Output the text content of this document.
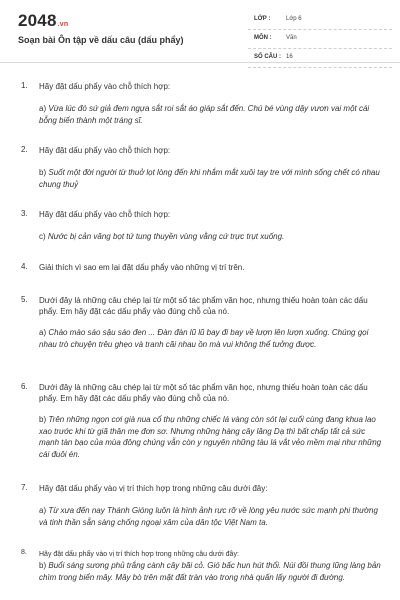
2048.vn
Soạn bài Ôn tập về dấu câu (dấu phẩy)
LỚP :	Lớp 6
MÔN : Văn
SỐ CÂU : 16
1. Hãy đặt dấu phẩy vào chỗ thích hợp:
a) Vừa lúc đó sứ giả đem ngựa sắt roi sắt áo giáp sắt đến. Chú bé vùng dậy vươn vai một cái bỗng biến thành một tráng sĩ.
2. Hãy đặt dấu phẩy vào chỗ thích hợp:
b) Suốt một đời người từ thuở lọt lòng đến khi nhắm mắt xuôi tay tre với mình sống chết có nhau chung thuỷ
3. Hãy đặt dấu phẩy vào chỗ thích hợp:
c) Nước bị cản văng bọt tứ tung thuyền vùng vằng cứ trực trụt xuống.
4. Giải thích vì sao em lại đặt dấu phẩy vào những vị trí trên.
5. Dưới đây là những câu chép lại từ một số tác phẩm văn học, nhưng thiếu hoàn toàn các dấu phẩy. Em hãy đặt các dấu phẩy vào đúng chỗ của nó.
a) Chào mào sáo sậu sáo đen ... Đàn đàn lũ lũ bay đi bay về lượn lên lượn xuống. Chúng gọi nhau trò chuyện trêu ghẹo và tranh cãi nhau ồn mà vui không thể tưởng được.
6. Dưới đây là những câu chép lại từ một số tác phẩm văn học, nhưng thiếu hoàn toàn các dấu phẩy. Em hãy đặt các dấu phẩy vào đúng chỗ của nó.
b) Trên những ngọn cơi già nua cổ thụ những chiếc lá vàng còn sót lại cuối cùng đang khua lao xao trước khi từ giã thân mẹ đơn sơ. Nhưng những hàng cây lăng Dạ thì bất chấp tất cả sức mạnh tàn bạo của mùa đông chúng vẫn còn y nguyên những tàu lá vắt vẻo mềm mại như những cái đuôi én.
7. Hãy đặt dấu phẩy vào vị trí thích hợp trong những câu dưới đây:
a) Từ xưa đến nay Thánh Gióng luôn là hình ảnh rực rỡ về lòng yêu nước sức mạnh phi thường và tinh thần sẵn sàng chống ngoại xâm của dân tộc Việt Nam ta.
8. Hãy đặt dấu phẩy vào vị trí thích hợp trong những câu dưới đây:
b) Buổi sáng sương phủ trắng cành cây bãi cỏ. Gió bấc hun hút thổi. Núi đồi thung lũng làng bản chìm trong biển mây. Mây bò trên mặt đất tràn vào trong nhà quấn lấy người đi đường.
